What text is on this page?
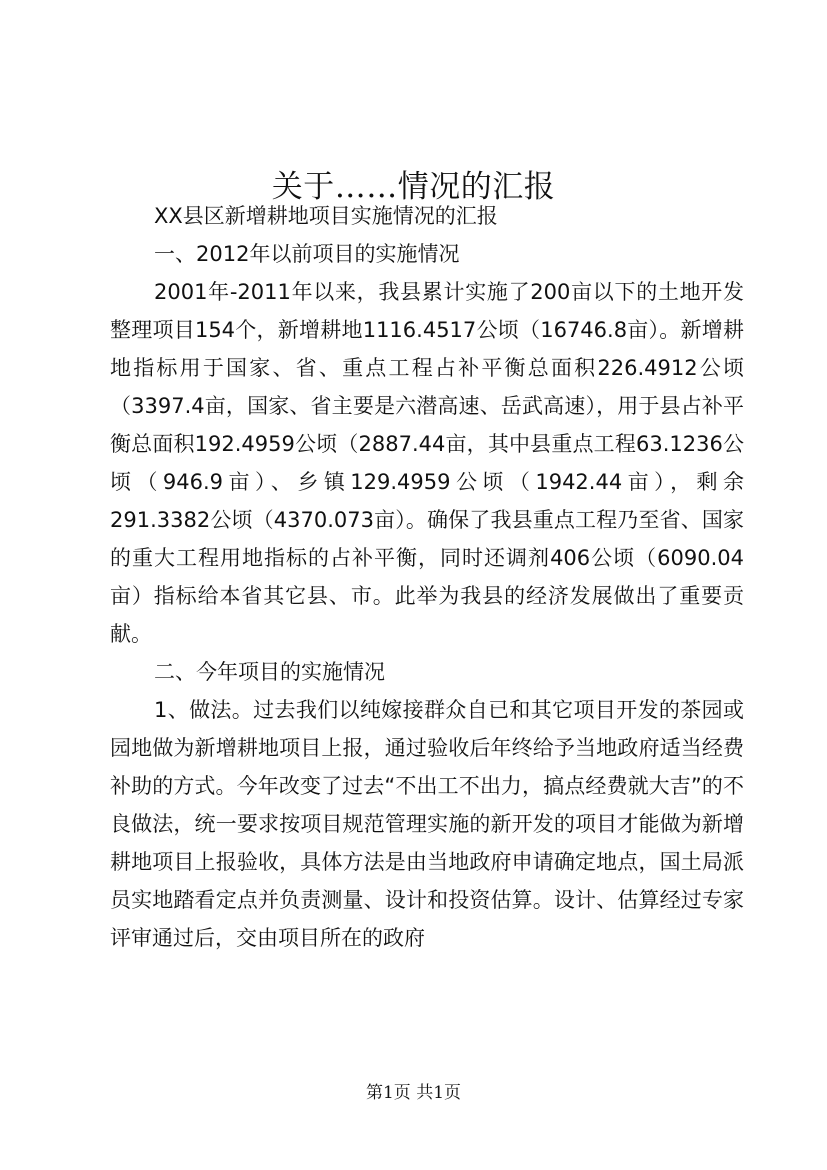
关于……情况的汇报

XX县区新增耕地项目实施情况的汇报

一、2012年以前项目的实施情况

2001年-2011年以来，我县累计实施了200亩以下的土地开发整理项目154个，新增耕地1116.4517公顷（16746.8亩）。新增耕地指标用于国家、省、重点工程占补平衡总面积226.4912公顷（3397.4亩，国家、省主要是六潜高速、岳武高速），用于县占补平衡总面积192.4959公顷（2887.44亩，其中县重点工程63.1236公顷（946.9亩）、乡镇129.4959公顷（1942.44亩），剩余291.3382公顷（4370.073亩）。确保了我县重点工程乃至省、国家的重大工程用地指标的占补平衡，同时还调剂406公顷（6090.04亩）指标给本省其它县、市。此举为我县的经济发展做出了重要贡献。

二、今年项目的实施情况

1、做法。过去我们以纯嫁接群众自已和其它项目开发的茶园或园地做为新增耕地项目上报，通过验收后年终给予当地政府适当经费补助的方式。今年改变了过去“不出工不出力，搞点经费就大吉”的不良做法，统一要求按项目规范管理实施的新开发的项目才能做为新增耕地项目上报验收，具体方法是由当地政府申请确定地点，国土局派员实地踏看定点并负责测量、设计和投资估算。设计、估算经过专家评审通过后，交由项目所在的政府

第1页 共1页
